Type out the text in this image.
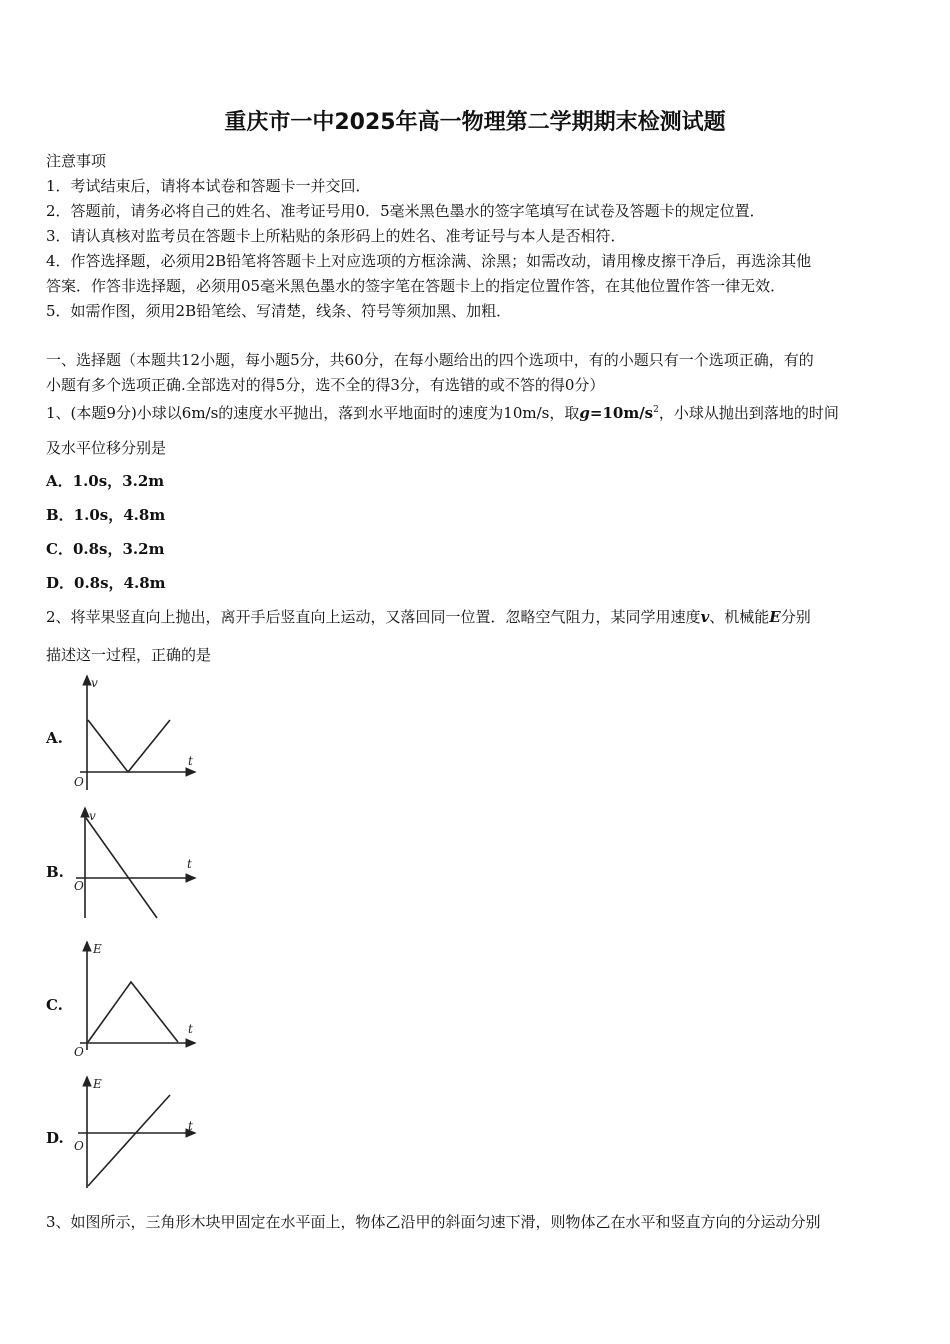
重庆市一中2025年高一物理第二学期期末检测试题
注意事项
1．考试结束后，请将本试卷和答题卡一并交回．
2．答题前，请务必将自己的姓名、准考证号用0．5毫米黑色墨水的签字笔填写在试卷及答题卡的规定位置．
3．请认真核对监考员在答题卡上所粘贴的条形码上的姓名、准考证号与本人是否相符．
4．作答选择题，必须用2B铅笔将答题卡上对应选项的方框涂满、涂黑；如需改动，请用橡皮擦干净后，再选涂其他
答案．作答非选择题，必须用05毫米黑色墨水的签字笔在答题卡上的指定位置作答，在其他位置作答一律无效．
5．如需作图，须用2B铅笔绘、写清楚，线条、符号等须加黑、加粗．
一、选择题（本题共12小题，每小题5分，共60分，在每小题给出的四个选项中，有的小题只有一个选项正确，有的
小题有多个选项正确.全部选对的得5分，选不全的得3分，有选错的或不答的得0分）
1、(本题9分)小球以6m/s的速度水平抛出，落到水平地面时的速度为10m/s，取$g=10m/s^2$，小球从抛出到落地的时间
及水平位移分别是
A．1.0s，3.2m
B．1.0s，4.8m
C．0.8s，3.2m
D．0.8s，4.8m
2、将苹果竖直向上抛出，离开手后竖直向上运动，又落回同一位置．忽略空气阻力，某同学用速度v、机械能E分别
描述这一过程，正确的是
A.
B.
C.
D.
v
t
O
v
t
O
E
t
O
E
t
O
3、如图所示，三角形木块甲固定在水平面上，物体乙沿甲的斜面匀速下滑，则物体乙在水平和竖直方向的分运动分别
